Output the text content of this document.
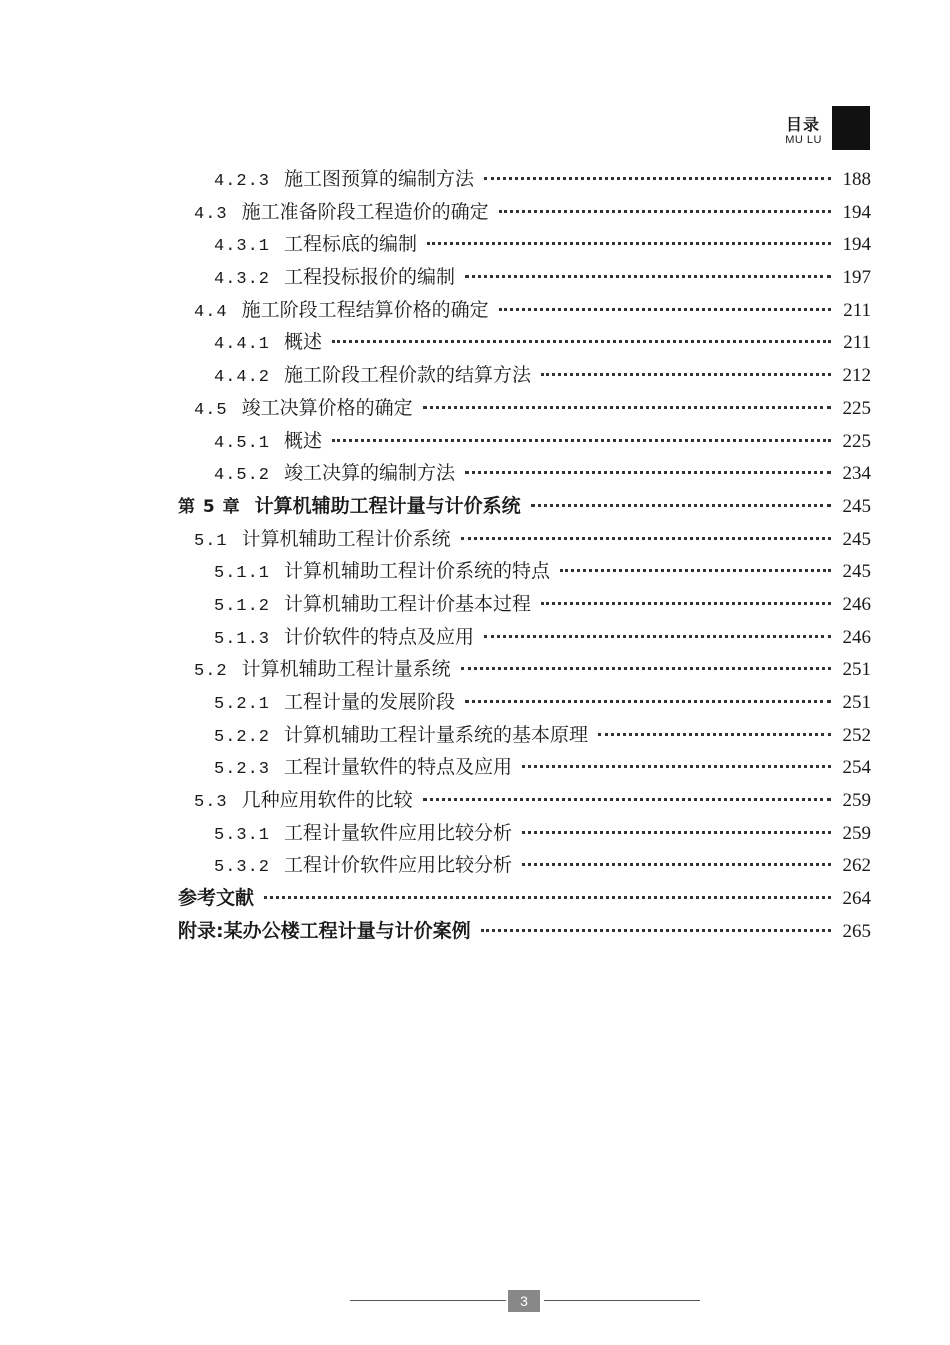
目录
MU LU
4.2.3 施工图预算的编制方法	188
4.3 施工准备阶段工程造价的确定	194
4.3.1 工程标底的编制	194
4.3.2 工程投标报价的编制	197
4.4 施工阶段工程结算价格的确定	211
4.4.1 概述	211
4.4.2 施工阶段工程价款的结算方法	212
4.5 竣工决算价格的确定	225
4.5.1 概述	225
4.5.2 竣工决算的编制方法	234
第 5 章 计算机辅助工程计量与计价系统	245
5.1 计算机辅助工程计价系统	245
5.1.1 计算机辅助工程计价系统的特点	245
5.1.2 计算机辅助工程计价基本过程	246
5.1.3 计价软件的特点及应用	246
5.2 计算机辅助工程计量系统	251
5.2.1 工程计量的发展阶段	251
5.2.2 计算机辅助工程计量系统的基本原理	252
5.2.3 工程计量软件的特点及应用	254
5.3 几种应用软件的比较	259
5.3.1 工程计量软件应用比较分析	259
5.3.2 工程计价软件应用比较分析	262
参考文献	264
附录:某办公楼工程计量与计价案例	265
3
